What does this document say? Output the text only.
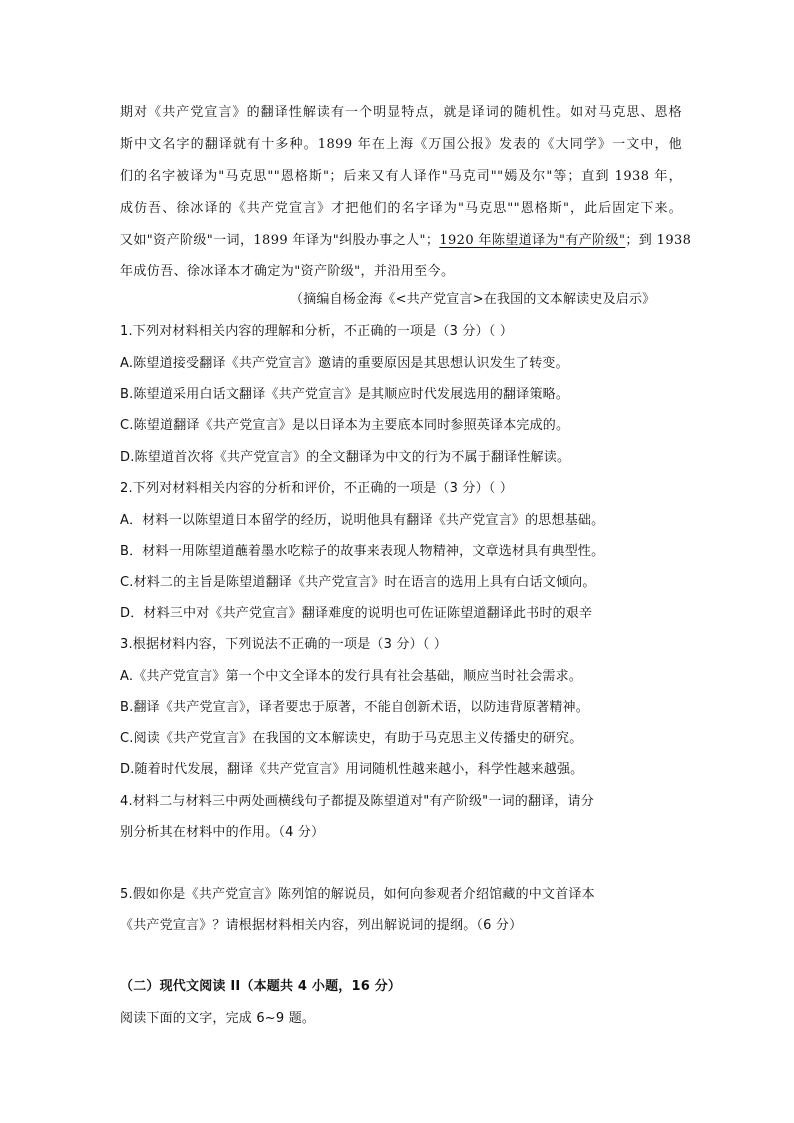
期对《共产党宣言》的翻译性解读有一个明显特点，就是译词的随机性。如对马克思、恩格
斯中文名字的翻译就有十多种。1899 年在上海《万国公报》发表的《大同学》一文中，他
们的名字被译为"马克思""恩格斯"；后来又有人译作"马克司""嫣及尔"等；直到 1938 年，
成仿吾、徐冰译的《共产党宣言》才把他们的名字译为"马克思""恩格斯"，此后固定下来。
又如"资产阶级"一词，1899 年译为"纠股办事之人"；1920 年陈望道译为"有产阶级"；到 1938
年成仿吾、徐冰译本才确定为"资产阶级"，并沿用至今。
（摘编自杨金海《<共产党宣言>在我国的文本解读史及启示》
1.下列对材料相关内容的理解和分析，不正确的一项是（3 分）（ ）
A.陈望道接受翻译《共产党宣言》邀请的重要原因是其思想认识发生了转变。
B.陈望道采用白话文翻译《共产党宣言》是其顺应时代发展选用的翻译策略。
C.陈望道翻译《共产党宣言》是以日译本为主要底本同时参照英译本完成的。
D.陈望道首次将《共产党宣言》的全文翻译为中文的行为不属于翻译性解读。
2.下列对材料相关内容的分析和评价，不正确的一项是（3 分）（ ）
A．材料一以陈望道日本留学的经历，说明他具有翻译《共产党宣言》的思想基础。
B．材料一用陈望道蘸着墨水吃粽子的故事来表现人物精神，文章选材具有典型性。
C.材料二的主旨是陈望道翻译《共产党宣言》时在语言的选用上具有白话文倾向。
D．材料三中对《共产党宣言》翻译难度的说明也可佐证陈望道翻译此书时的艰辛
3.根据材料内容，下列说法不正确的一项是（3 分）（ ）
A.《共产党宣言》第一个中文全译本的发行具有社会基础，顺应当时社会需求。
B.翻译《共产党宣言》，译者要忠于原著，不能自创新术语，以防违背原著精神。
C.阅读《共产党宣言》在我国的文本解读史，有助于马克思主义传播史的研究。
D.随着时代发展，翻译《共产党宣言》用词随机性越来越小，科学性越来越强。
4.材料二与材料三中两处画横线句子都提及陈望道对"有产阶级"一词的翻译，请分
别分析其在材料中的作用。（4 分）
5.假如你是《共产党宣言》陈列馆的解说员，如何向参观者介绍馆藏的中文首译本
《共产党宣言》？请根据材料相关内容，列出解说词的提纲。（6 分）
（二）现代文阅读 II（本题共 4 小题，16 分）
阅读下面的文字，完成 6~9 题。
